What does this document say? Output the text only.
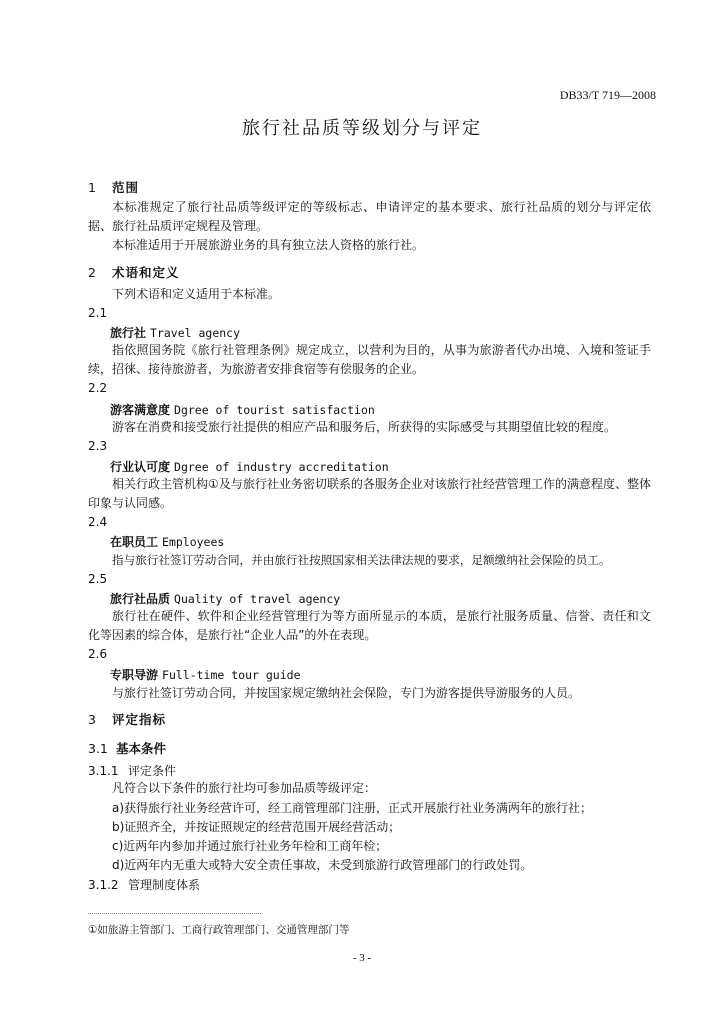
DB33/T 719—2008
旅行社品质等级划分与评定
1 范围
本标准规定了旅行社品质等级评定的等级标志、申请评定的基本要求、旅行社品质的划分与评定依据、旅行社品质评定规程及管理。
本标准适用于开展旅游业务的具有独立法人资格的旅行社。
2 术语和定义
下列术语和定义适用于本标准。
2.1
旅行社 Travel agency
指依照国务院《旅行社管理条例》规定成立，以营利为目的，从事为旅游者代办出境、入境和签证手续，招徕、接待旅游者，为旅游者安排食宿等有偿服务的企业。
2.2
游客满意度 Dgree of tourist satisfaction
游客在消费和接受旅行社提供的相应产品和服务后，所获得的实际感受与其期望值比较的程度。
2.3
行业认可度 Dgree of industry accreditation
相关行政主管机构①及与旅行社业务密切联系的各服务企业对该旅行社经营管理工作的满意程度、整体印象与认同感。
2.4
在职员工 Employees
指与旅行社签订劳动合同，并由旅行社按照国家相关法律法规的要求，足额缴纳社会保险的员工。
2.5
旅行社品质 Quality of travel agency
旅行社在硬件、软件和企业经营管理行为等方面所显示的本质，是旅行社服务质量、信誉、责任和文化等因素的综合体，是旅行社“企业人品”的外在表现。
2.6
专职导游 Full-time tour guide
与旅行社签订劳动合同，并按国家规定缴纳社会保险，专门为游客提供导游服务的人员。
3 评定指标
3.1 基本条件
3.1.1 评定条件
凡符合以下条件的旅行社均可参加品质等级评定：
a)获得旅行社业务经营许可，经工商管理部门注册，正式开展旅行社业务满两年的旅行社；
b)证照齐全，并按证照规定的经营范围开展经营活动；
c)近两年内参加并通过旅行社业务年检和工商年检；
d)近两年内无重大或特大安全责任事故，未受到旅游行政管理部门的行政处罚。
3.1.2 管理制度体系
①如旅游主管部门、工商行政管理部门、交通管理部门等
- 3 -
